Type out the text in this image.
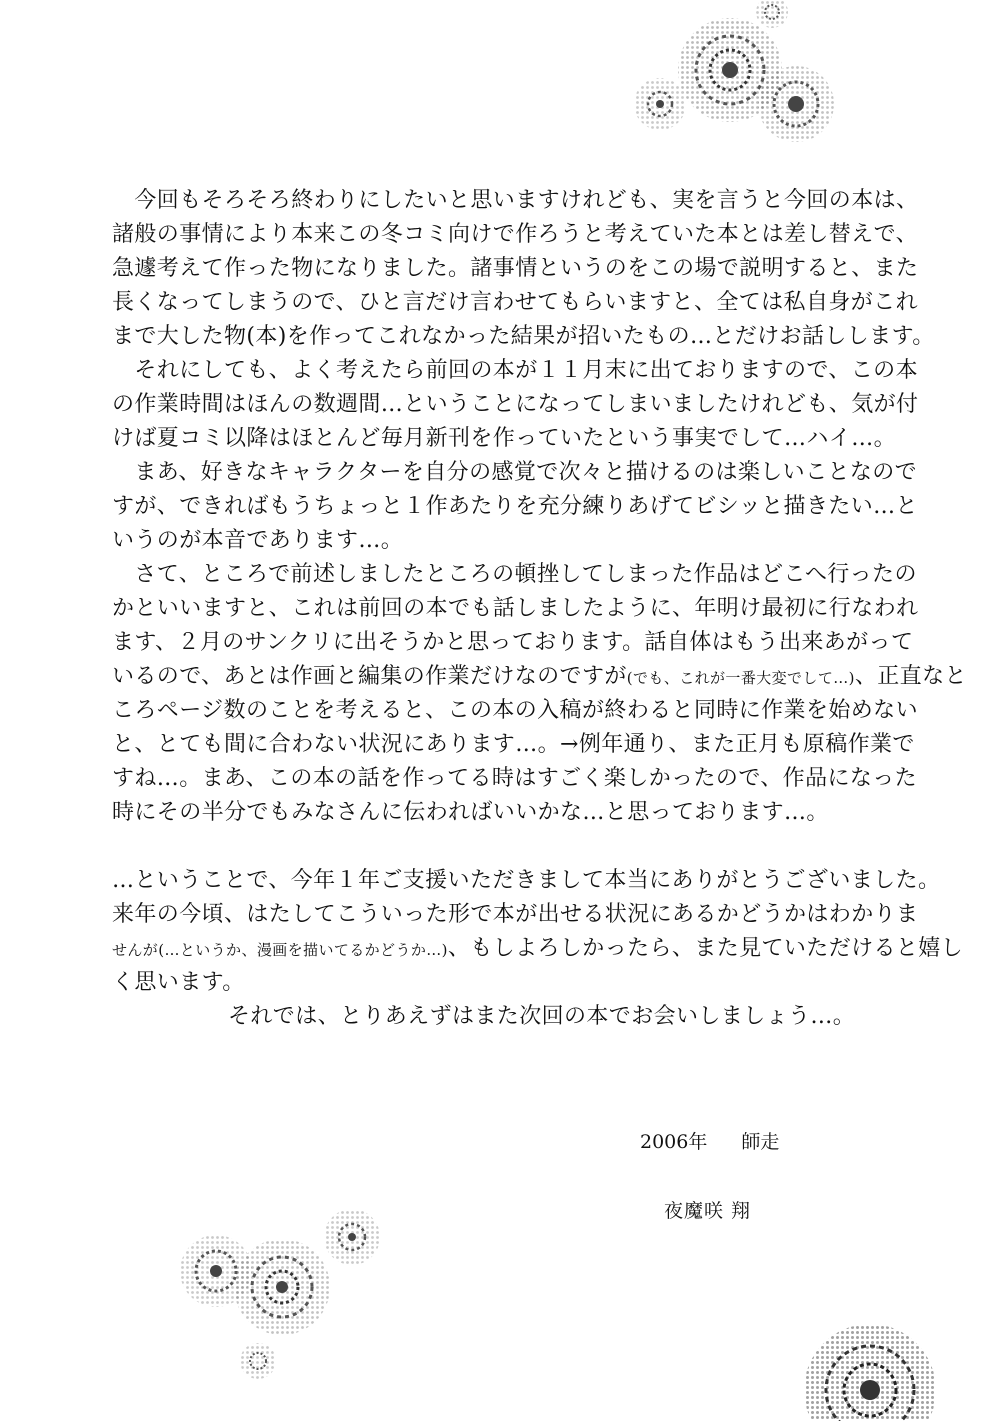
　今回もそろそろ終わりにしたいと思いますけれども、実を言うと今回の本は、
諸般の事情により本来この冬コミ向けで作ろうと考えていた本とは差し替えで、
急遽考えて作った物になりました。諸事情というのをこの場で説明すると、また
長くなってしまうので、ひと言だけ言わせてもらいますと、全ては私自身がこれ
まで大した物(本)を作ってこれなかった結果が招いたもの…とだけお話しします。
　それにしても、よく考えたら前回の本が１１月末に出ておりますので、この本
の作業時間はほんの数週間…ということになってしまいましたけれども、気が付
けば夏コミ以降はほとんど毎月新刊を作っていたという事実でして…ハイ…。
　まあ、好きなキャラクターを自分の感覚で次々と描けるのは楽しいことなので
すが、できればもうちょっと１作あたりを充分練りあげてビシッと描きたい…と
いうのが本音であります…。
　さて、ところで前述しましたところの頓挫してしまった作品はどこへ行ったの
かといいますと、これは前回の本でも話しましたように、年明け最初に行なわれ
ます、２月のサンクリに出そうかと思っております。話自体はもう出来あがって
いるので、あとは作画と編集の作業だけなのですが(でも、これが一番大変でして…)、正直なと
ころページ数のことを考えると、この本の入稿が終わると同時に作業を始めない
と、とても間に合わない状況にあります…。→例年通り、また正月も原稿作業で
すね…。まあ、この本の話を作ってる時はすごく楽しかったので、作品になった
時にその半分でもみなさんに伝わればいいかな…と思っております…。
…ということで、今年１年ご支援いただきまして本当にありがとうございました。
来年の今頃、はたしてこういった形で本が出せる状況にあるかどうかはわかりま
せんが(…というか、漫画を描いてるかどうか…)、もしよろしかったら、また見ていただけると嬉し
く思います。
それでは、とりあえずはまた次回の本でお会いしましょう…。
2006年 師走
夜魔咲 翔
